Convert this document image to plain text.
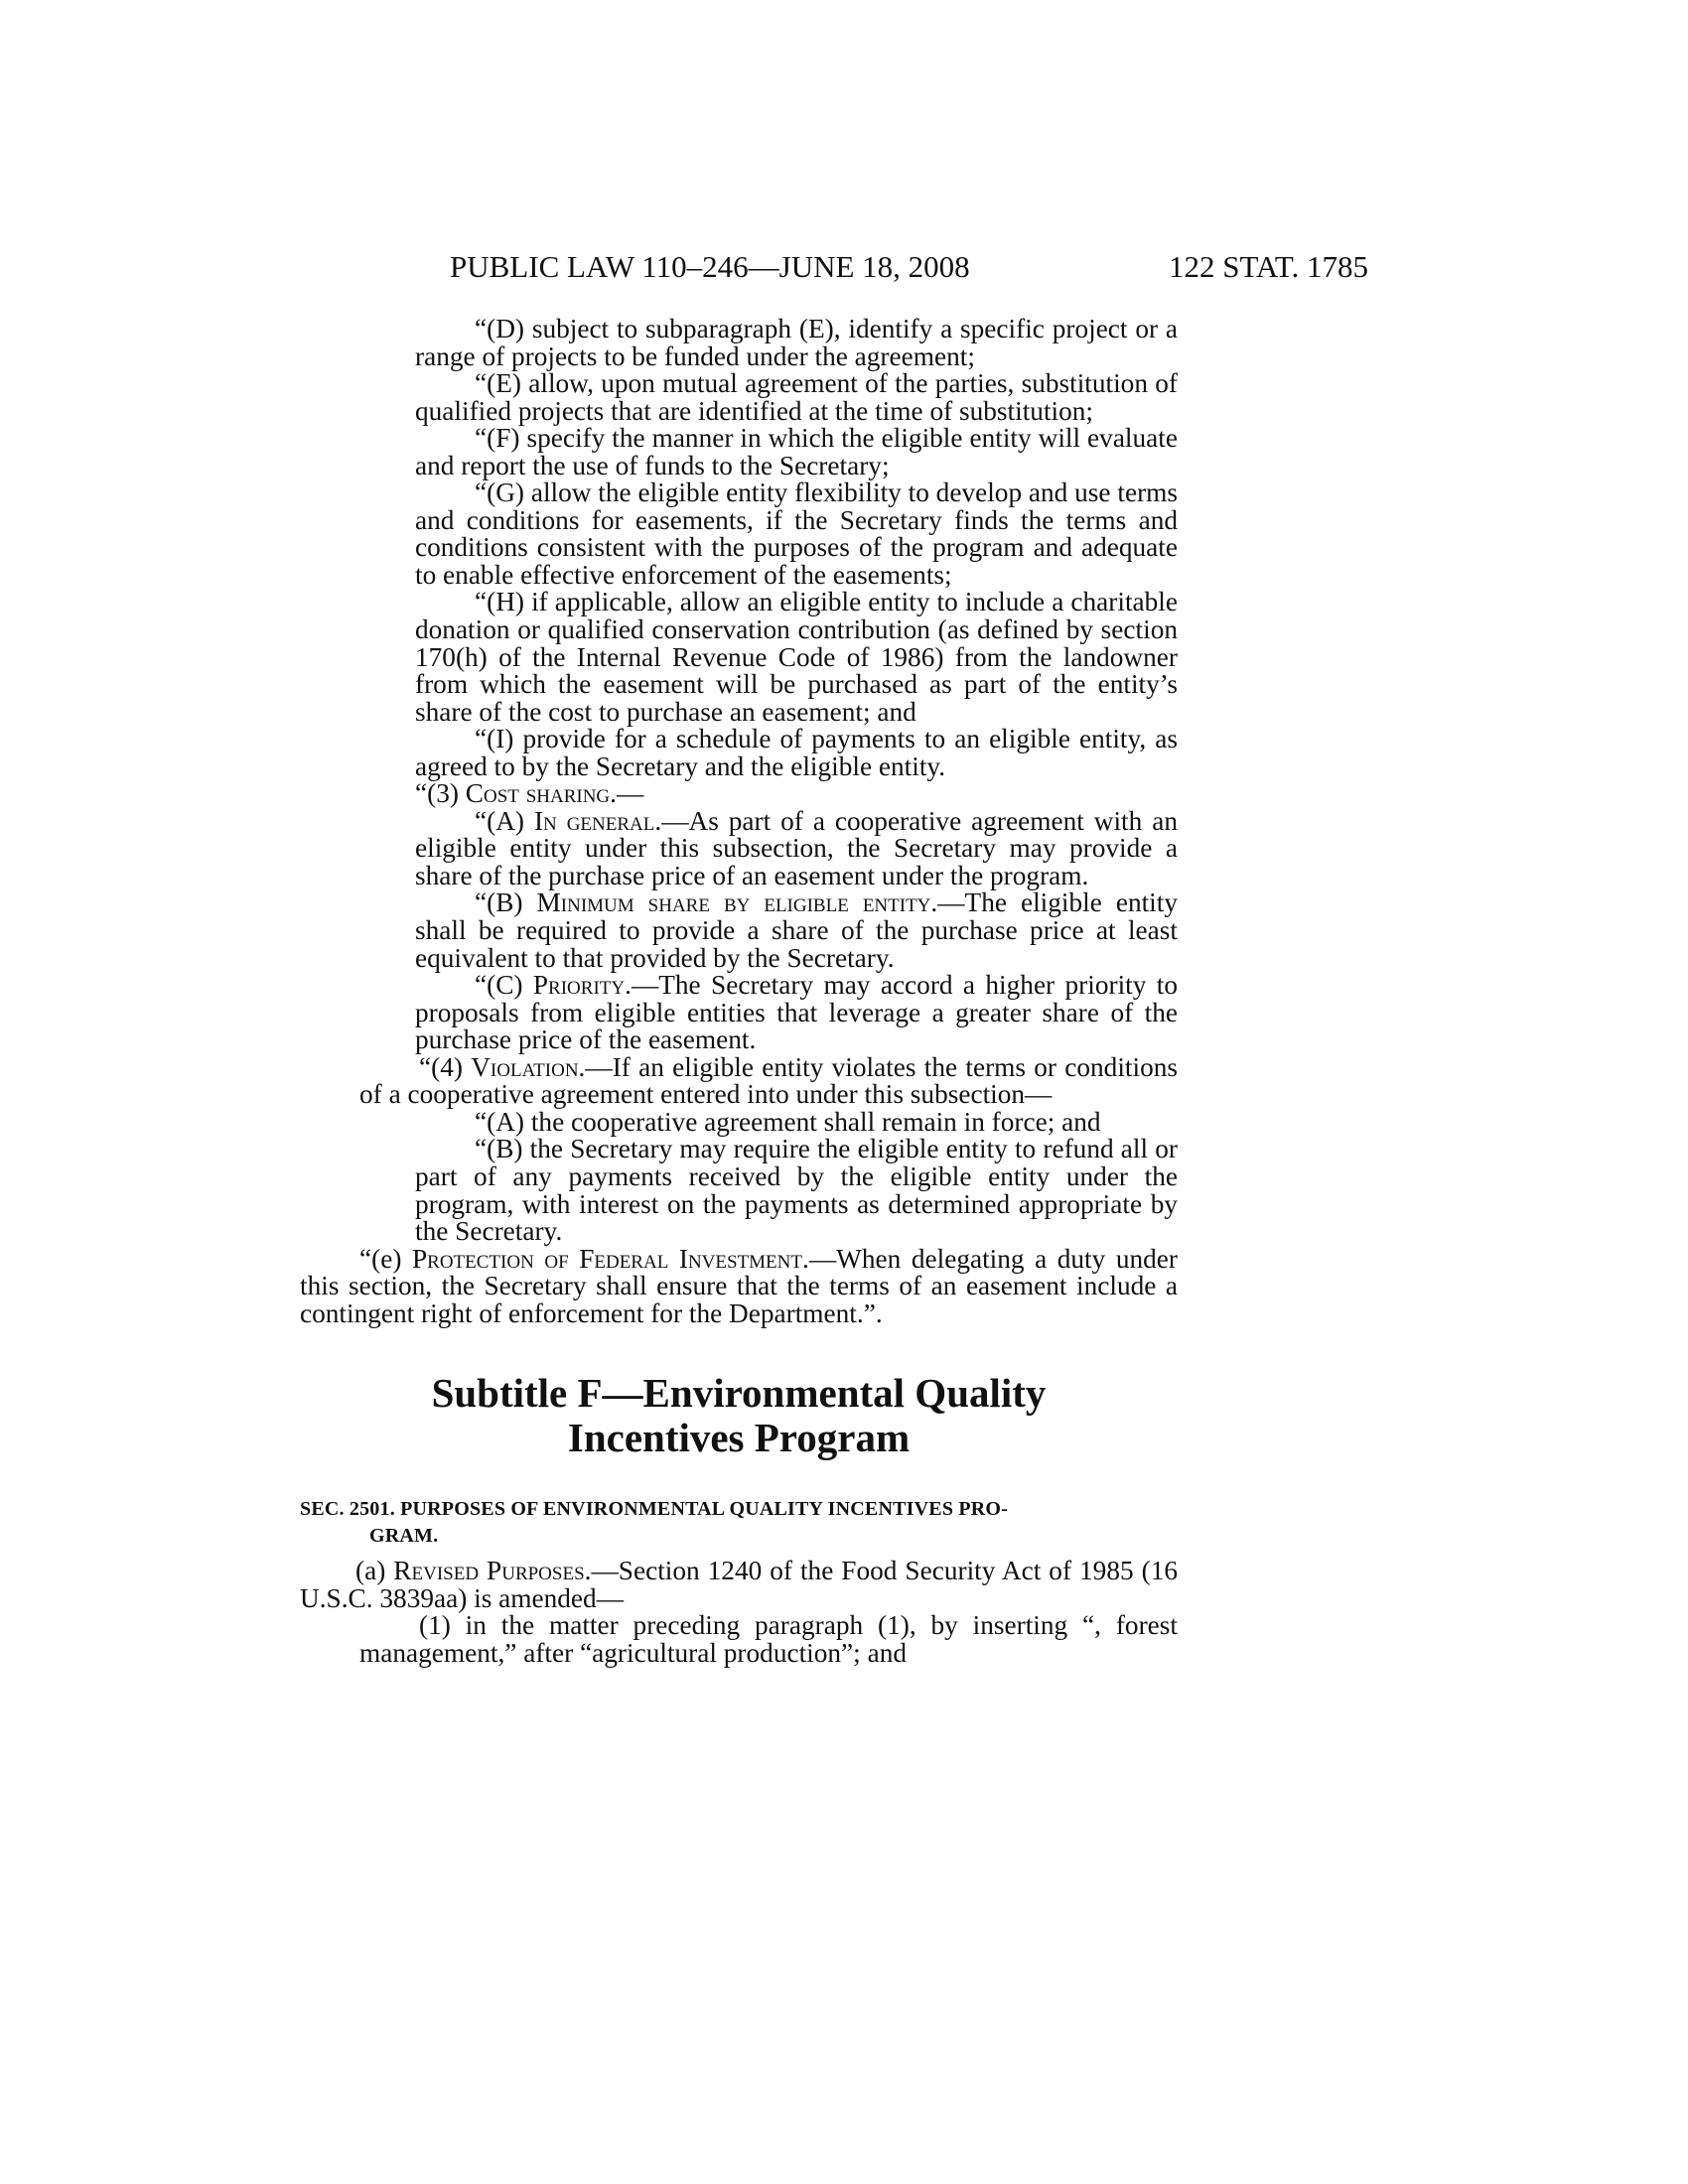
PUBLIC LAW 110–246—JUNE 18, 2008	122 STAT. 1785

“(D) subject to subparagraph (E), identify a specific project or a range of projects to be funded under the agreement;

“(E) allow, upon mutual agreement of the parties, substitution of qualified projects that are identified at the time of substitution;

“(F) specify the manner in which the eligible entity will evaluate and report the use of funds to the Secretary;

“(G) allow the eligible entity flexibility to develop and use terms and conditions for easements, if the Secretary finds the terms and conditions consistent with the purposes of the program and adequate to enable effective enforcement of the easements;

“(H) if applicable, allow an eligible entity to include a charitable donation or qualified conservation contribution (as defined by section 170(h) of the Internal Revenue Code of 1986) from the landowner from which the easement will be purchased as part of the entity’s share of the cost to purchase an easement; and

“(I) provide for a schedule of payments to an eligible entity, as agreed to by the Secretary and the eligible entity.

“(3) Cost sharing.—

“(A) In general.—As part of a cooperative agreement with an eligible entity under this subsection, the Secretary may provide a share of the purchase price of an easement under the program.

“(B) Minimum share by eligible entity.—The eligible entity shall be required to provide a share of the purchase price at least equivalent to that provided by the Secretary.

“(C) Priority.—The Secretary may accord a higher priority to proposals from eligible entities that leverage a greater share of the purchase price of the easement.

“(4) Violation.—If an eligible entity violates the terms or conditions of a cooperative agreement entered into under this subsection—

“(A) the cooperative agreement shall remain in force; and

“(B) the Secretary may require the eligible entity to refund all or part of any payments received by the eligible entity under the program, with interest on the payments as determined appropriate by the Secretary.

“(e) Protection of Federal Investment.—When delegating a duty under this section, the Secretary shall ensure that the terms of an easement include a contingent right of enforcement for the Department.”.

Subtitle F—Environmental Quality
Incentives Program
SEC. 2501. PURPOSES OF ENVIRONMENTAL QUALITY INCENTIVES PRO-
GRAM.

(a) Revised Purposes.—Section 1240 of the Food Security Act of 1985 (16 U.S.C. 3839aa) is amended—

(1) in the matter preceding paragraph (1), by inserting “, forest management,” after “agricultural production”; and
